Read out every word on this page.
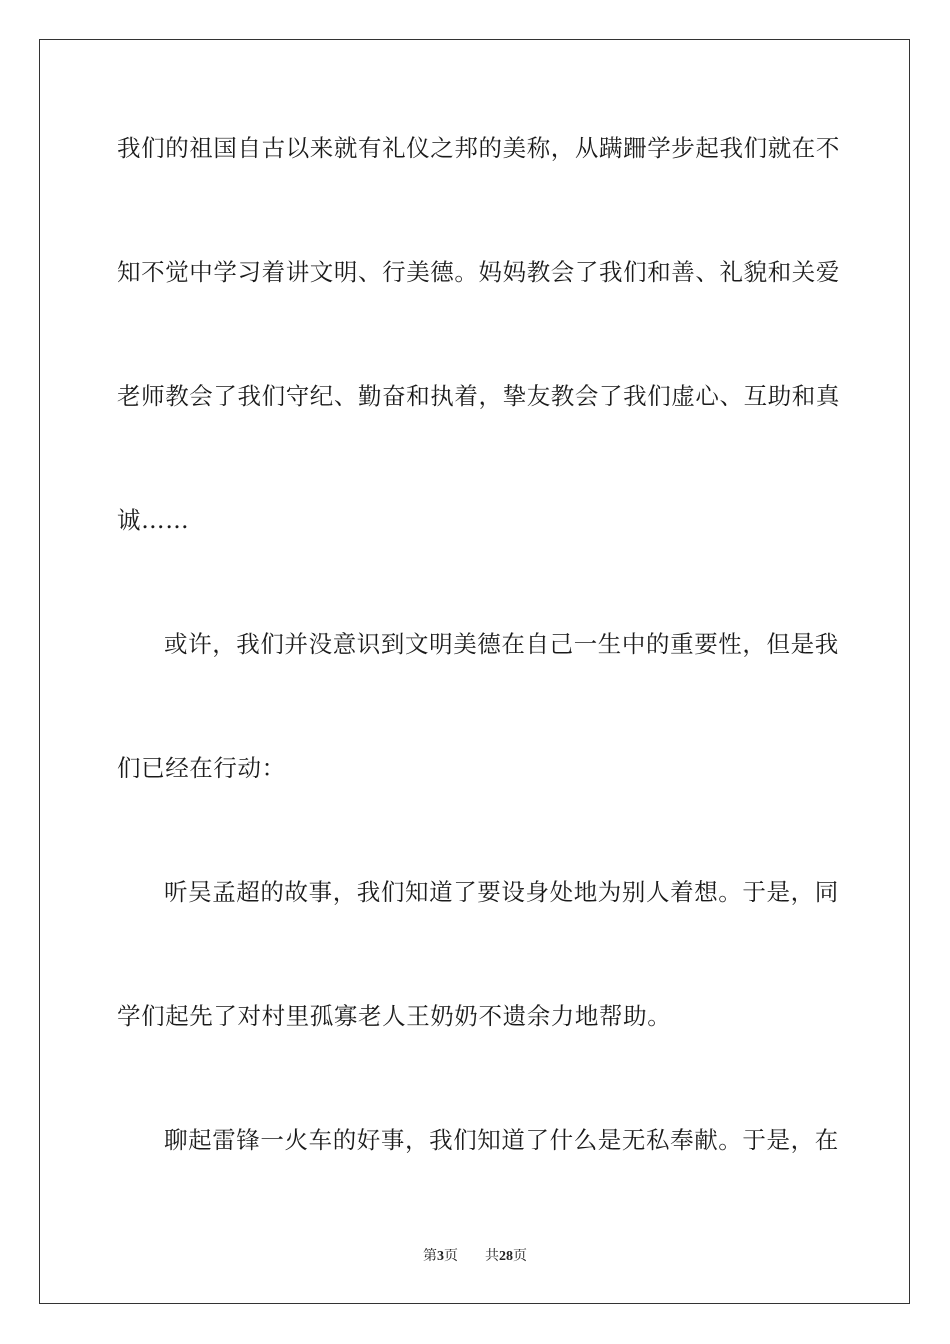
我们的祖国自古以来就有礼仪之邦的美称，从蹒跚学步起我们就在不
知不觉中学习着讲文明、行美德。妈妈教会了我们和善、礼貌和关爱
老师教会了我们守纪、勤奋和执着，挚友教会了我们虚心、互助和真
诚……
或许，我们并没意识到文明美德在自己一生中的重要性，但是我
们已经在行动：
听吴孟超的故事，我们知道了要设身处地为别人着想。于是，同
学们起先了对村里孤寡老人王奶奶不遗余力地帮助。
聊起雷锋一火车的好事，我们知道了什么是无私奉献。于是，在
第3页 共28页
